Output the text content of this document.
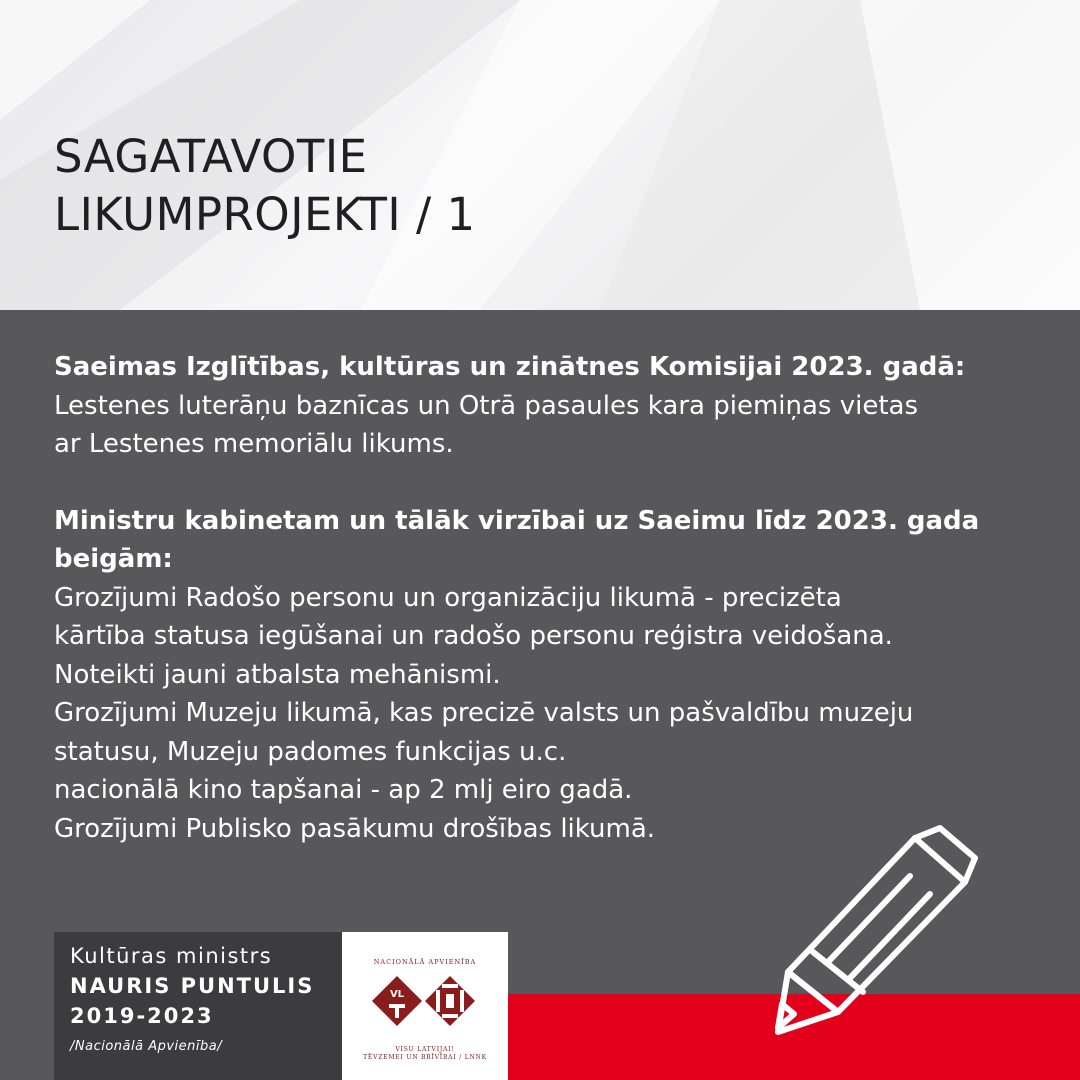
SAGATAVOTIE
LIKUMPROJEKTI / 1

Saeimas Izglītības, kultūras un zinātnes Komisijai 2023. gadā:

Lestenes luterāņu baznīcas un Otrā pasaules kara piemiņas vietas

ar Lestenes memoriālu likums.

Ministru kabinetam un tālāk virzībai uz Saeimu līdz 2023. gada

beigām:

Grozījumi Radošo personu un organizāciju likumā - precizēta

kārtība statusa iegūšanai un radošo personu reģistra veidošana.

Noteikti jauni atbalsta mehānismi.

Grozījumi Muzeju likumā, kas precizē valsts un pašvaldību muzeju

statusu, Muzeju padomes funkcijas u.c.

nacionālā kino tapšanai - ap 2 mlj eiro gadā.

Grozījumi Publisko pasākumu drošības likumā.

Kultūras ministrs
NAURIS PUNTULIS
2019-2023
/Nacionālā Apvienība/
NACIONĀLĀ APVIENĪBA
VL
VISU LATVIJAI!
TĒVZEMEI UN BRĪVĪBAI / LNNK
